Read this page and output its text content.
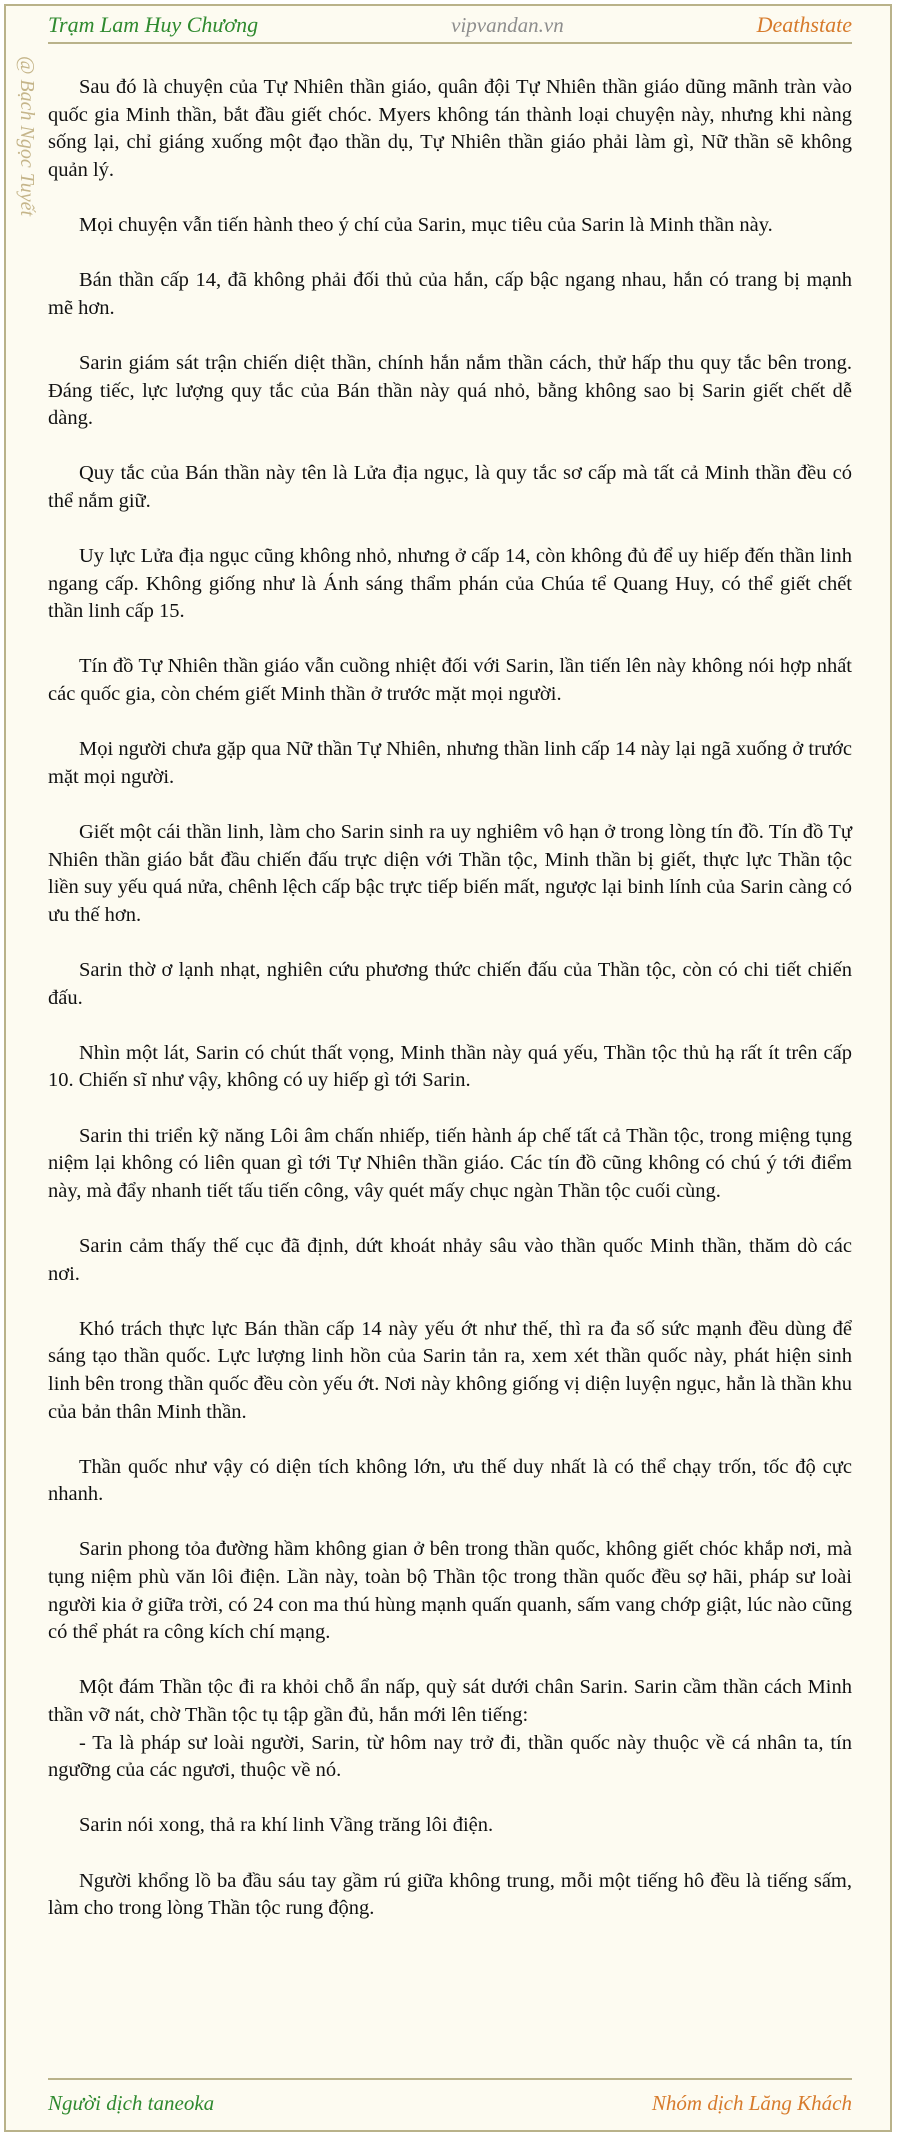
Trạm Lam Huy Chương	vipvandan.vn	Deathstate
@ Bạch Ngọc Tuyết	Sau đó là chuyện của Tự Nhiên thần giáo, quân đội Tự Nhiên thần giáo dũng mãnh tràn vào quốc gia Minh thần, bắt đầu giết chóc. Myers không tán thành loại chuyện này, nhưng khi nàng sống lại, chỉ giáng xuống một đạo thần dụ, Tự Nhiên thần giáo phải làm gì, Nữ thần sẽ không quản lý.

Mọi chuyện vẫn tiến hành theo ý chí của Sarin, mục tiêu của Sarin là Minh thần này.

Bán thần cấp 14, đã không phải đối thủ của hắn, cấp bậc ngang nhau, hắn có trang bị mạnh mẽ hơn.

Sarin giám sát trận chiến diệt thần, chính hắn nắm thần cách, thử hấp thu quy tắc bên trong. Đáng tiếc, lực lượng quy tắc của Bán thần này quá nhỏ, bằng không sao bị Sarin giết chết dễ dàng.

Quy tắc của Bán thần này tên là Lửa địa ngục, là quy tắc sơ cấp mà tất cả Minh thần đều có thể nắm giữ.

Uy lực Lửa địa ngục cũng không nhỏ, nhưng ở cấp 14, còn không đủ để uy hiếp đến thần linh ngang cấp. Không giống như là Ánh sáng thẩm phán của Chúa tể Quang Huy, có thể giết chết thần linh cấp 15.

Tín đồ Tự Nhiên thần giáo vẫn cuồng nhiệt đối với Sarin, lần tiến lên này không nói hợp nhất các quốc gia, còn chém giết Minh thần ở trước mặt mọi người.

Mọi người chưa gặp qua Nữ thần Tự Nhiên, nhưng thần linh cấp 14 này lại ngã xuống ở trước mặt mọi người.

Giết một cái thần linh, làm cho Sarin sinh ra uy nghiêm vô hạn ở trong lòng tín đồ. Tín đồ Tự Nhiên thần giáo bắt đầu chiến đấu trực diện với Thần tộc, Minh thần bị giết, thực lực Thần tộc liền suy yếu quá nửa, chênh lệch cấp bậc trực tiếp biến mất, ngược lại binh lính của Sarin càng có ưu thế hơn.

Sarin thờ ơ lạnh nhạt, nghiên cứu phương thức chiến đấu của Thần tộc, còn có chi tiết chiến đấu.

Nhìn một lát, Sarin có chút thất vọng, Minh thần này quá yếu, Thần tộc thủ hạ rất ít trên cấp 10. Chiến sĩ như vậy, không có uy hiếp gì tới Sarin.

Sarin thi triển kỹ năng Lôi âm chấn nhiếp, tiến hành áp chế tất cả Thần tộc, trong miệng tụng niệm lại không có liên quan gì tới Tự Nhiên thần giáo. Các tín đồ cũng không có chú ý tới điểm này, mà đẩy nhanh tiết tấu tiến công, vây quét mấy chục ngàn Thần tộc cuối cùng.

Sarin cảm thấy thế cục đã định, dứt khoát nhảy sâu vào thần quốc Minh thần, thăm dò các nơi.

Khó trách thực lực Bán thần cấp 14 này yếu ớt như thế, thì ra đa số sức mạnh đều dùng để sáng tạo thần quốc. Lực lượng linh hồn của Sarin tản ra, xem xét thần quốc này, phát hiện sinh linh bên trong thần quốc đều còn yếu ớt. Nơi này không giống vị diện luyện ngục, hẳn là thần khu của bản thân Minh thần.

Thần quốc như vậy có diện tích không lớn, ưu thế duy nhất là có thể chạy trốn, tốc độ cực nhanh.

Sarin phong tỏa đường hầm không gian ở bên trong thần quốc, không giết chóc khắp nơi, mà tụng niệm phù văn lôi điện. Lần này, toàn bộ Thần tộc trong thần quốc đều sợ hãi, pháp sư loài người kia ở giữa trời, có 24 con ma thú hùng mạnh quấn quanh, sấm vang chớp giật, lúc nào cũng có thể phát ra công kích chí mạng.

Một đám Thần tộc đi ra khỏi chỗ ẩn nấp, quỳ sát dưới chân Sarin. Sarin cầm thần cách Minh thần vỡ nát, chờ Thần tộc tụ tập gần đủ, hắn mới lên tiếng:

- Ta là pháp sư loài người, Sarin, từ hôm nay trở đi, thần quốc này thuộc về cá nhân ta, tín ngưỡng của các ngươi, thuộc về nó.

Sarin nói xong, thả ra khí linh Vầng trăng lôi điện.

Người khổng lồ ba đầu sáu tay gầm rú giữa không trung, mỗi một tiếng hô đều là tiếng sấm, làm cho trong lòng Thần tộc rung động.

Người dịch taneoka	Nhóm dịch Lăng Khách
